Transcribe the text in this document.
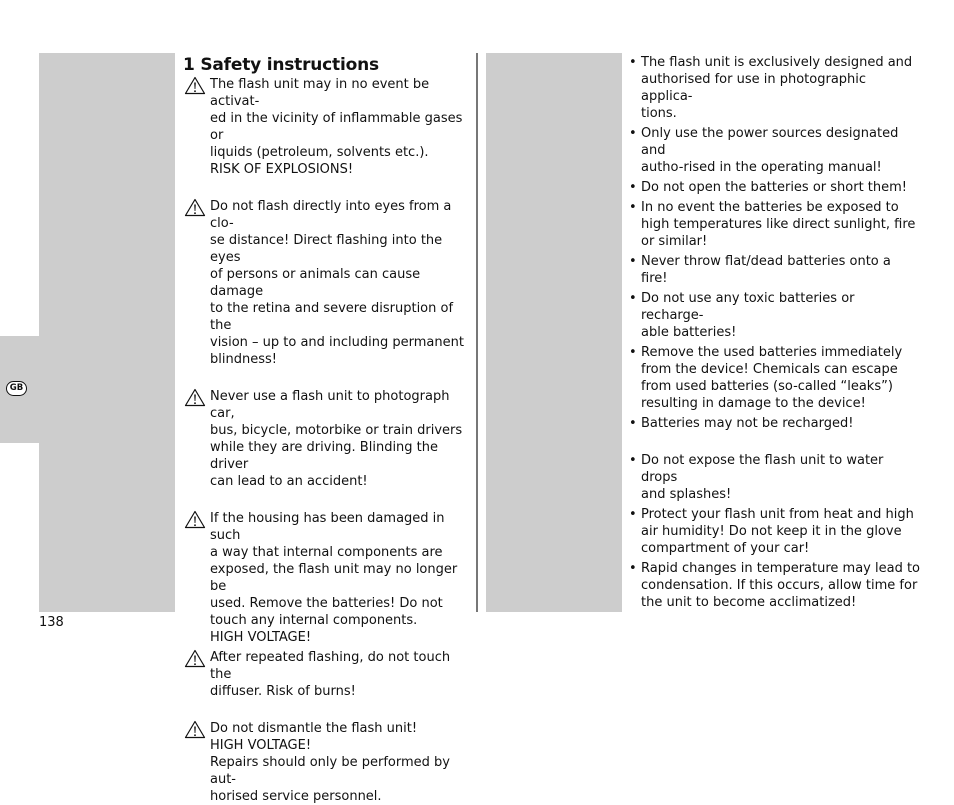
GB
1 Safety instructions
The flash unit may in no event be activat-
ed in the vicinity of inflammable gases or
liquids (petroleum, solvents etc.).
RISK OF EXPLOSIONS!
Do not flash directly into eyes from a clo-
se distance! Direct flashing into the eyes
of persons or animals can cause damage
to the retina and severe disruption of the
vision – up to and including permanent
blindness!
Never use a flash unit to photograph car,
bus, bicycle, motorbike or train drivers
while they are driving. Blinding the driver
can lead to an accident!
If the housing has been damaged in such
a way that internal components are
exposed, the flash unit may no longer be
used. Remove the batteries! Do not
touch any internal components.
HIGH VOLTAGE!
After repeated flashing, do not touch the
diffuser. Risk of burns!
Do not dismantle the flash unit!
HIGH VOLTAGE!
Repairs should only be performed by aut-
horised service personnel.
• The flash unit is exclusively designed and
authorised for use in photographic applica-
tions.
• Only use the power sources designated and
autho-rised in the operating manual!
• Do not open the batteries or short them!
• In no event the batteries be exposed to
high temperatures like direct sunlight, fire
or similar!
• Never throw flat/dead batteries onto a fire!
• Do not use any toxic batteries or recharge-
able batteries!
• Remove the used batteries immediately
from the device! Chemicals can escape
from used batteries (so-called “leaks”)
resulting in damage to the device!
• Batteries may not be recharged!
• Do not expose the flash unit to water drops
and splashes!
• Protect your flash unit from heat and high
air humidity! Do not keep it in the glove
compartment of your car!
• Rapid changes in temperature may lead to
condensation. If this occurs, allow time for
the unit to become acclimatized!
138
